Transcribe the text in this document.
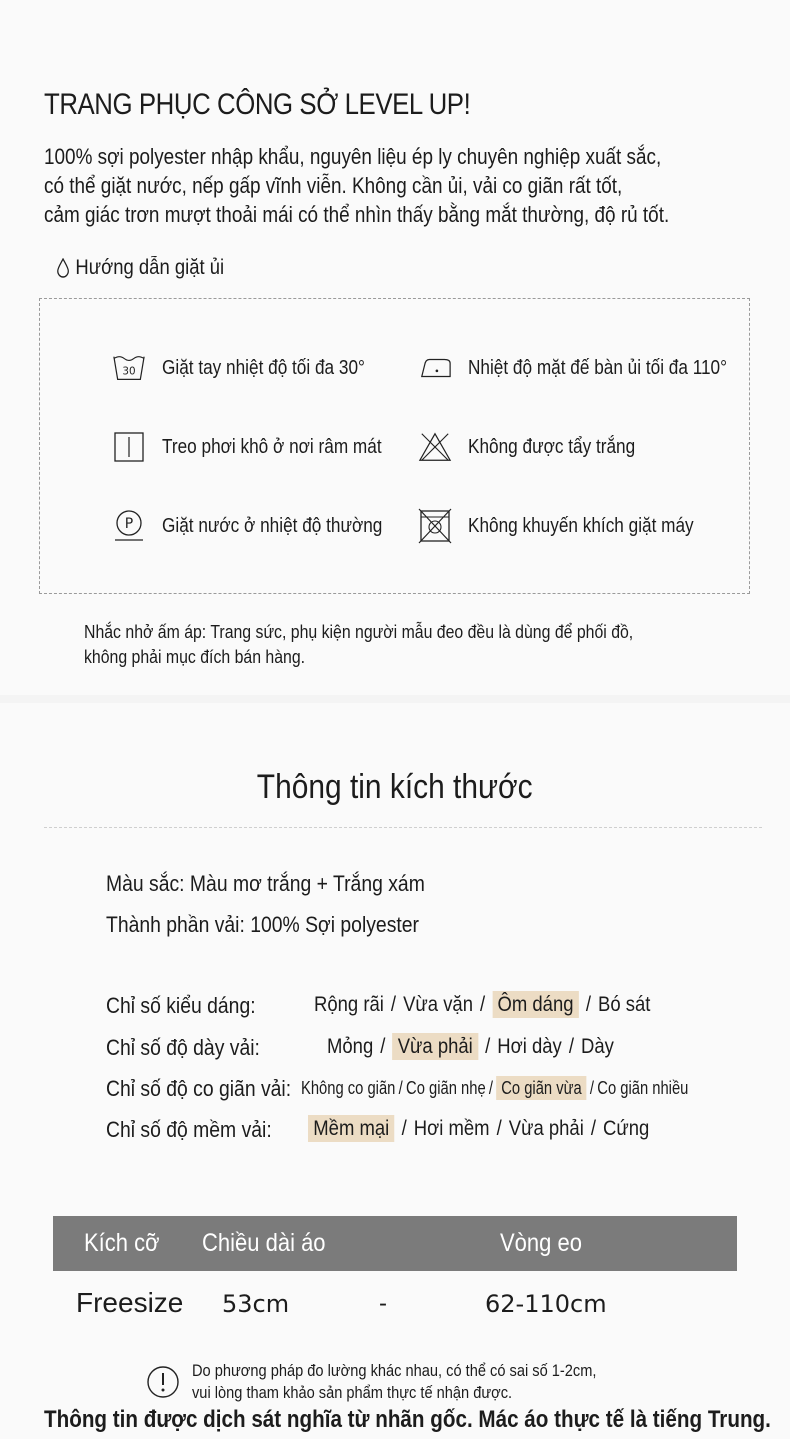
TRANG PHỤC CÔNG SỞ LEVEL UP!
100% sợi polyester nhập khẩu, nguyên liệu ép ly chuyên nghiệp xuất sắc,
có thể giặt nước, nếp gấp vĩnh viễn. Không cần ủi, vải co giãn rất tốt,
cảm giác trơn mượt thoải mái có thể nhìn thấy bằng mắt thường, độ rủ tốt.
Hướng dẫn giặt ủi
30 Giặt tay nhiệt độ tối đa 30°	Nhiệt độ mặt đế bàn ủi tối đa 110°
Treo phơi khô ở nơi râm mát	Không được tẩy trắng
P Giặt nước ở nhiệt độ thường	Không khuyến khích giặt máy
Nhắc nhở ấm áp: Trang sức, phụ kiện người mẫu đeo đều là dùng để phối đồ,
không phải mục đích bán hàng.
Thông tin kích thước
Màu sắc: Màu mơ trắng + Trắng xám
Thành phần vải: 100% Sợi polyester
Chỉ số kiểu dáng:	Rộng rãi / Vừa vặn / Ôm dáng / Bó sát
Chỉ số độ dày vải:	Mỏng / Vừa phải / Hơi dày / Dày
Chỉ số độ co giãn vải: Không co giãn / Co giãn nhẹ / Co giãn vừa / Co giãn nhiều
Chỉ số độ mềm vải: Mềm mại / Hơi mềm / Vừa phải / Cứng
Kích cỡ Chiều dài áo	Vòng eo
Freesize 53cm	-	62-110cm
Do phương pháp đo lường khác nhau, có thể có sai số 1-2cm,
vui lòng tham khảo sản phẩm thực tế nhận được.
Thông tin được dịch sát nghĩa từ nhãn gốc. Mác áo thực tế là tiếng Trung.
